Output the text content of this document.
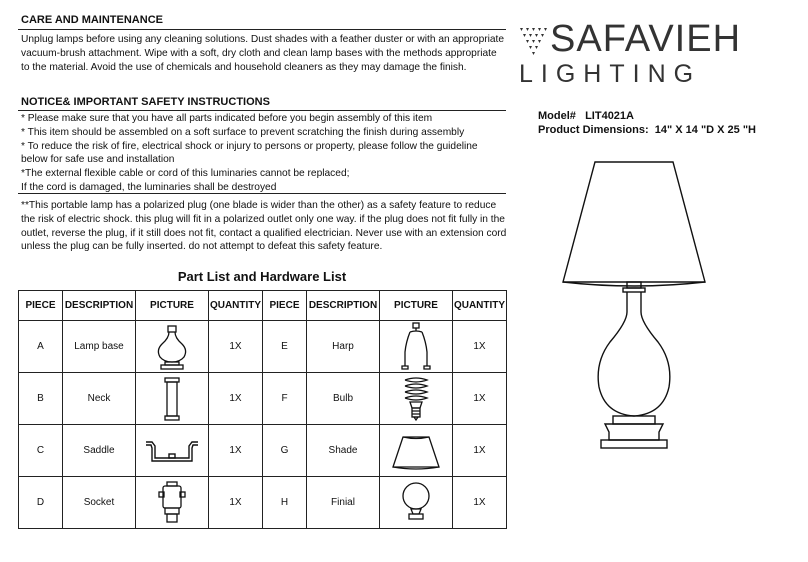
CARE AND MAINTENANCE
Unplug lamps before using any cleaning solutions. Dust shades with a feather duster or with an appropriate
vacuum-brush attachment. Wipe with a soft, dry cloth and clean lamp bases with the methods appropriate
to the material. Avoid the use of chemicals and household cleaners as they may damage the finish.
NOTICE& IMPORTANT SAFETY INSTRUCTIONS
* Please make sure that you have all parts indicated before you begin assembly of this item
* This item should be assembled on a soft surface to prevent scratching the finish during assembly
* To reduce the risk of fire, electrical shock or injury to persons or property, please follow the guideline
below for safe use and installation
*The external flexible cable or cord of this luminaries cannot be replaced;
If the cord is damaged, the luminaries shall be destroyed
**This portable lamp has a polarized plug (one blade is wider than the other) as a safety feature to reduce
the risk of electric shock. this plug will fit in a polarized outlet only one way. if the plug does not fit fully in the
outlet, reverse the plug, if it still does not fit, contact a qualified electrician. Never use with an extension cord
unless the plug can be fully inserted. do not attempt to defeat this safety feature.
Part List and Hardware List
PIECE	DESCRIPTION	PICTURE	QUANTITY	PIECE	DESCRIPTION	PICTURE	QUANTITY
A	Lamp base		1X	E	Harp		1X
B	Neck		1X	F	Bulb		1X
C	Saddle		1X	G	Shade		1X
D	Socket		1X	H	Finial		1X
SAFAVIEH
LIGHTING
Model# LIT4021A
Product Dimensions: 14" X 14 "D X 25 "H
